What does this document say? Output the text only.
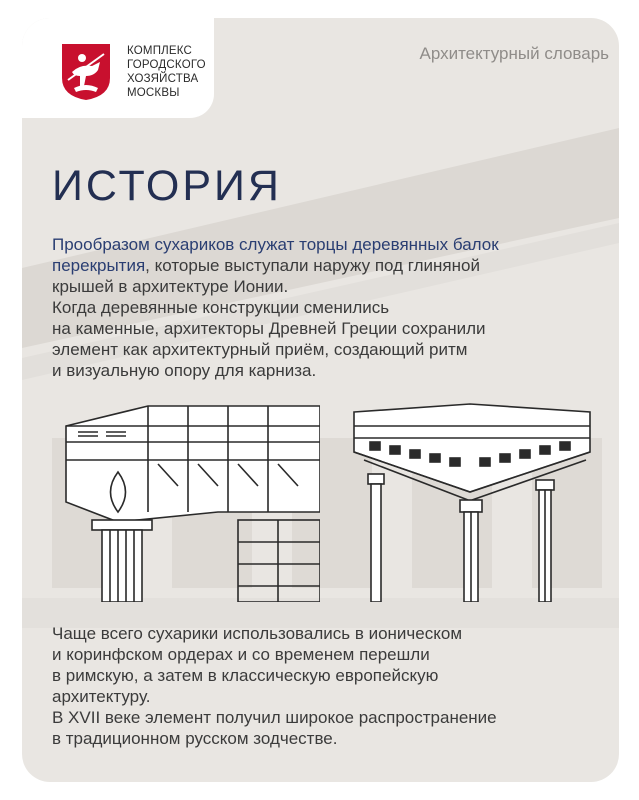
КОМПЛЕКС
ГОРОДСКОГО
ХОЗЯЙСТВА
МОСКВЫ
Архитектурный словарь
ИСТОРИЯ

Прообразом сухариков служат торцы деревянных балок
перекрытия, которые выступали наружу под глиняной
крышей в архитектуре Ионии.
Когда деревянные конструкции сменились
на каменные, архитекторы Древней Греции сохранили
элемент как архитектурный приём, создающий ритм
и визуальную опору для карниза.

Чаще всего сухарики использовались в ионическом
и коринфском ордерах и со временем перешли
в римскую, а затем в классическую европейскую
архитектуру.
В XVII веке элемент получил широкое распространение
в традиционном русском зодчестве.
